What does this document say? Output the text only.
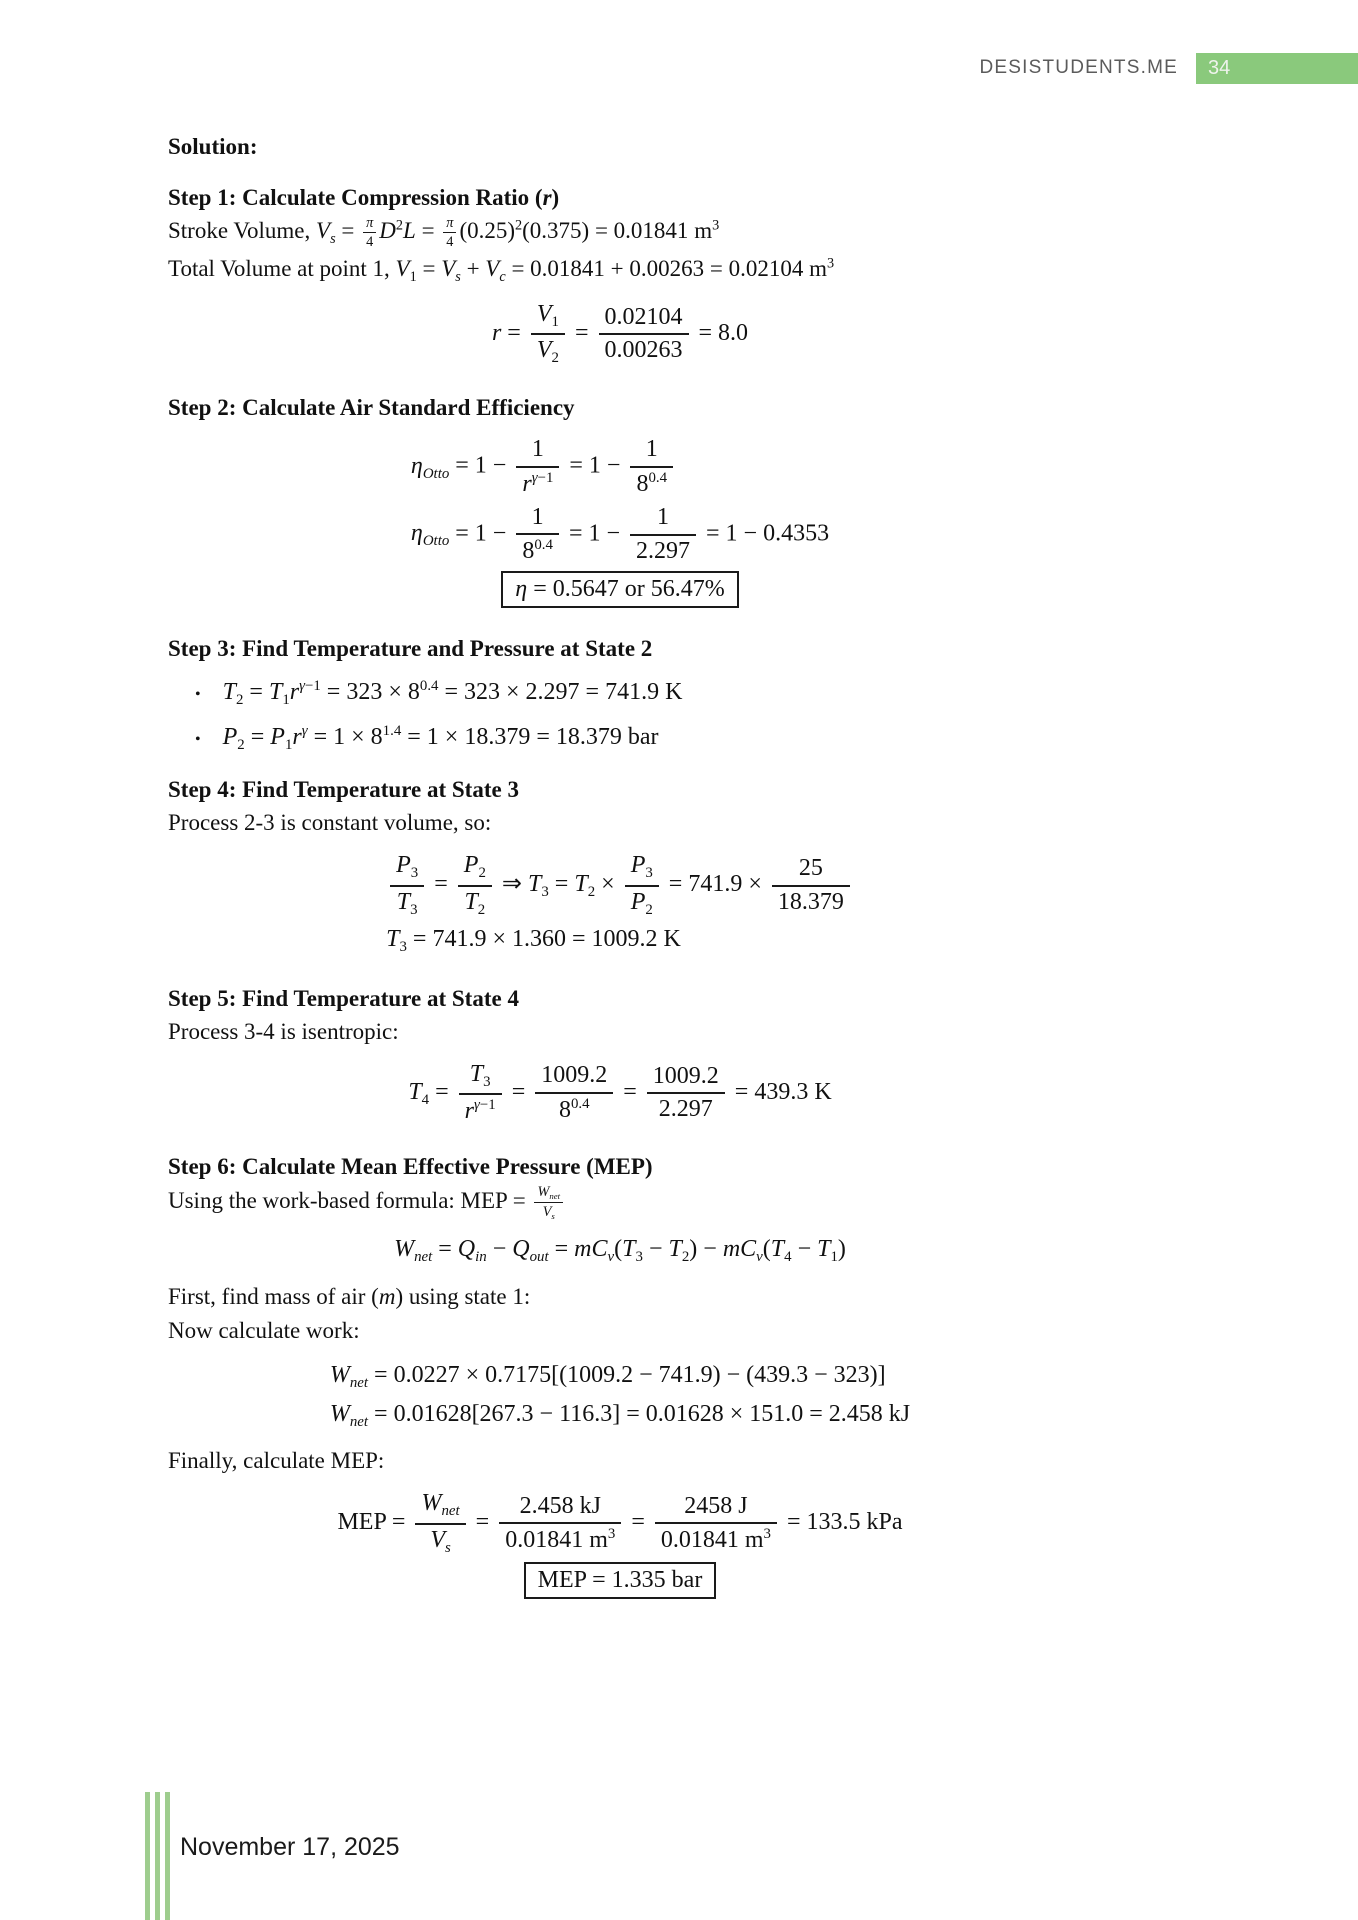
DESISTUDENTS.ME	34

Solution:

Step 1: Calculate Compression Ratio (r)

Stroke Volume, $V_s = \frac{\pi}{4} D^2L = \frac{\pi}{4} (0.25)^2(0.375) = 0.01841$ $m^3$

Total Volume at point 1, $V_1 = V_s + V_c = 0.01841 + 0.00263 = 0.02104$ $m^3$

$r = \frac{V_1}{V_2} = \frac{0.02104}{0.00263} = 8.0$

Step 2: Calculate Air Standard Efficiency

$\eta_{Otto} = 1 - \frac{1}{r^{\gamma-1}} = 1 - \frac{1}{8^{0.4}}$
$\eta_{Otto} = 1 - \frac{1}{8^{0.4}} = 1 - \frac{1}{2.297} = 1 - 0.4353$
η = 0.5647 or 56.47%

Step 3: Find Temperature and Pressure at State 2

• $T_2 = T_1r^{\gamma-1} = 323 \times 8^{0.4} = 323 \times 2.297 = 741.9$ K
• $P_2 = P_1r^\gamma = 1 \times 8^{1.4} = 1 \times 18.379 = 18.379$ bar

Step 4: Find Temperature at State 3

Process 2-3 is constant volume, so:

$\frac{P_3}{T_3} = \frac{P_2}{T_2}$ ⇒ $T_3 = T_2 \times \frac{P_3}{P_2} = 741.9 \times \frac{25}{18.379}$
$T_3 = 741.9 \times 1.360 = 1009.2$ K

Step 5: Find Temperature at State 4

Process 3-4 is isentropic:

$T_4 = \frac{T_3}{r^{\gamma-1}} = \frac{1009.2}{8^{0.4}} = \frac{1009.2}{2.297} = 439.3$ K

Step 6: Calculate Mean Effective Pressure (MEP)

Using the work-based formula: MEP = $\frac{W_{net}}{V_s}$

$W_{net} = Q_{in} - Q_{out} = mC_v(T_3 - T_2) - mC_v(T_4 - T_1)$

First, find mass of air (m) using state 1:

Now calculate work:

$W_{net} = 0.0227 \times 0.7175[(1009.2 - 741.9) - (439.3 - 323)]$
$W_{net} = 0.01628[267.3 - 116.3] = 0.01628 \times 151.0 = 2.458$ kJ

Finally, calculate MEP:

MEP = $\frac{W_{net}}{V_s} = \frac{2.458 kJ}{0.01841 m^3} = \frac{2458 J}{0.01841 m^3} = 133.5$ kPa
MEP = 1.335 bar
November 17, 2025
